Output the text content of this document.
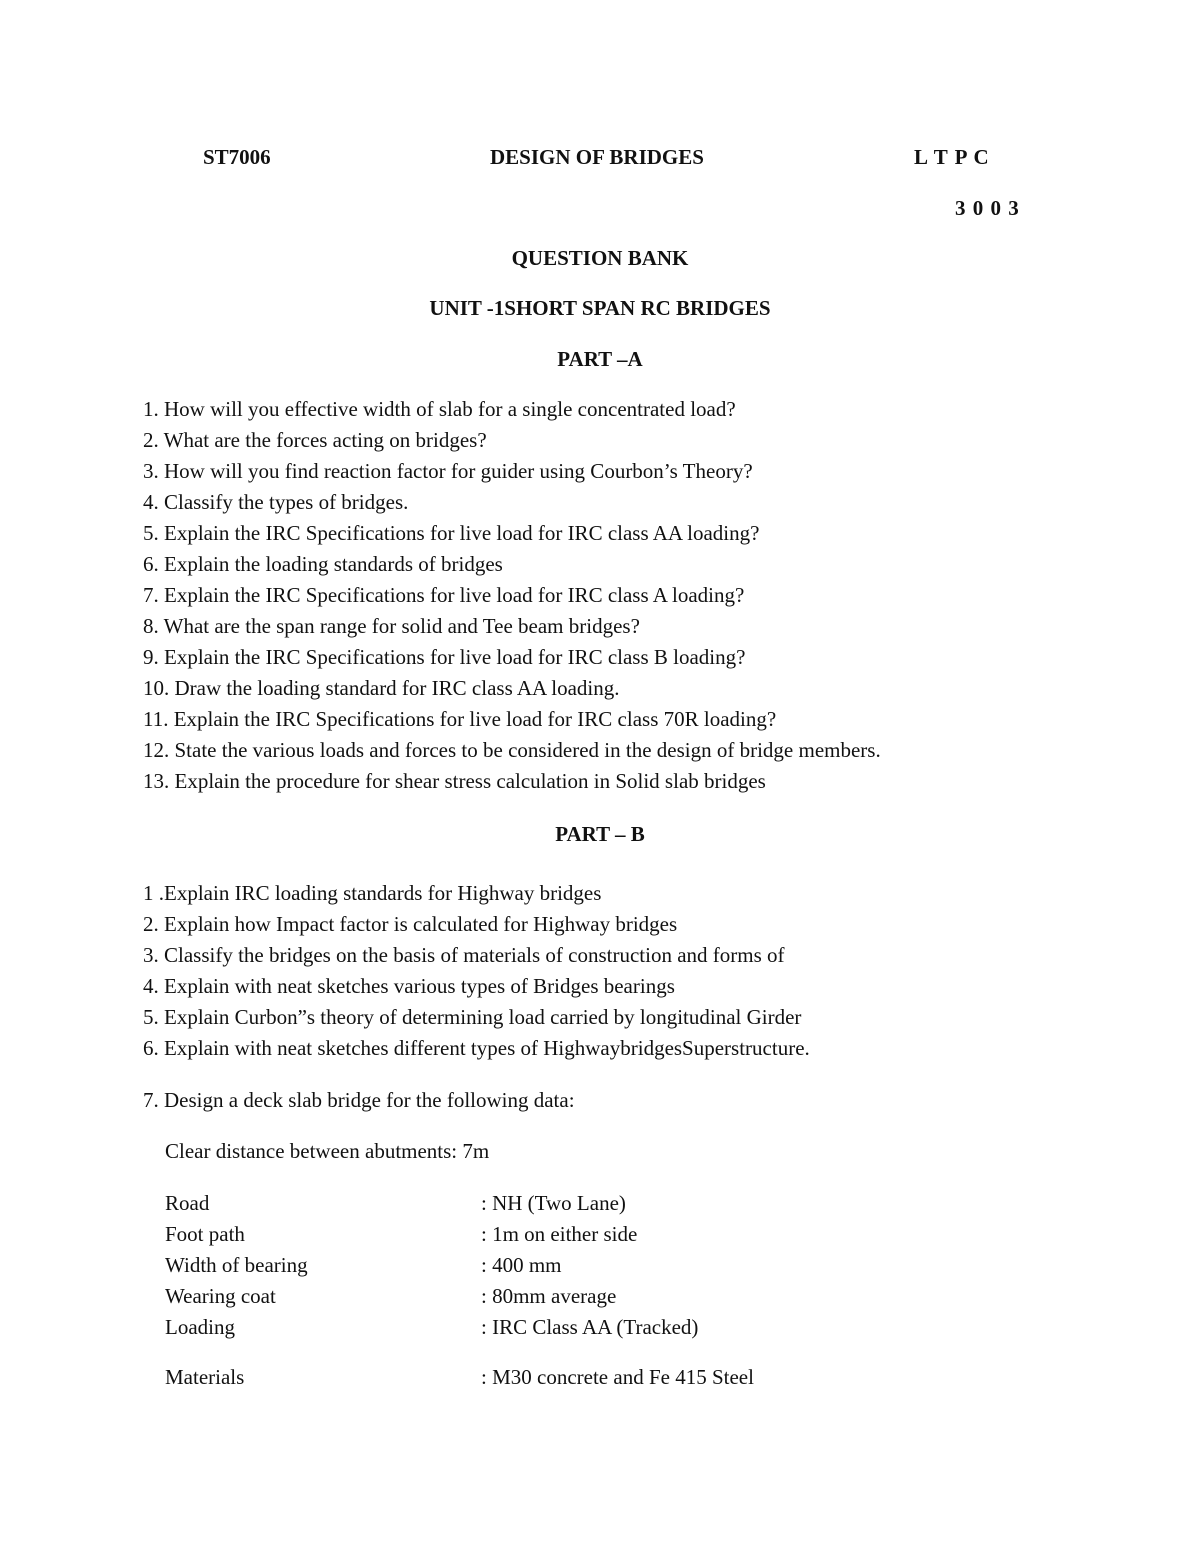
ST7006	DESIGN OF BRIDGES	L T P C
3 0 0 3
QUESTION BANK
UNIT -1SHORT SPAN RC BRIDGES
PART –A
1. How will you effective width of slab for a single concentrated load?
2. What are the forces acting on bridges?
3. How will you find reaction factor for guider using Courbon’s Theory?
4. Classify the types of bridges.
5. Explain the IRC Specifications for live load for IRC class AA loading?
6. Explain the loading standards of bridges
7. Explain the IRC Specifications for live load for IRC class A loading?
8. What are the span range for solid and Tee beam bridges?
9. Explain the IRC Specifications for live load for IRC class B loading?
10. Draw the loading standard for IRC class AA loading.
11. Explain the IRC Specifications for live load for IRC class 70R loading?
12. State the various loads and forces to be considered in the design of bridge members.
13. Explain the procedure for shear stress calculation in Solid slab bridges
PART – B
1 .Explain IRC loading standards for Highway bridges
2. Explain how Impact factor is calculated for Highway bridges
3. Classify the bridges on the basis of materials of construction and forms of
4. Explain with neat sketches various types of Bridges bearings
5. Explain Curbon”s theory of determining load carried by longitudinal Girder
6. Explain with neat sketches different types of HighwaybridgesSuperstructure.
7. Design a deck slab bridge for the following data:
Clear distance between abutments: 7m
Road	: NH (Two Lane)
Foot path	: 1m on either side
Width of bearing	: 400 mm
Wearing coat	: 80mm average
Loading	: IRC Class AA (Tracked)
Materials	: M30 concrete and Fe 415 Steel
